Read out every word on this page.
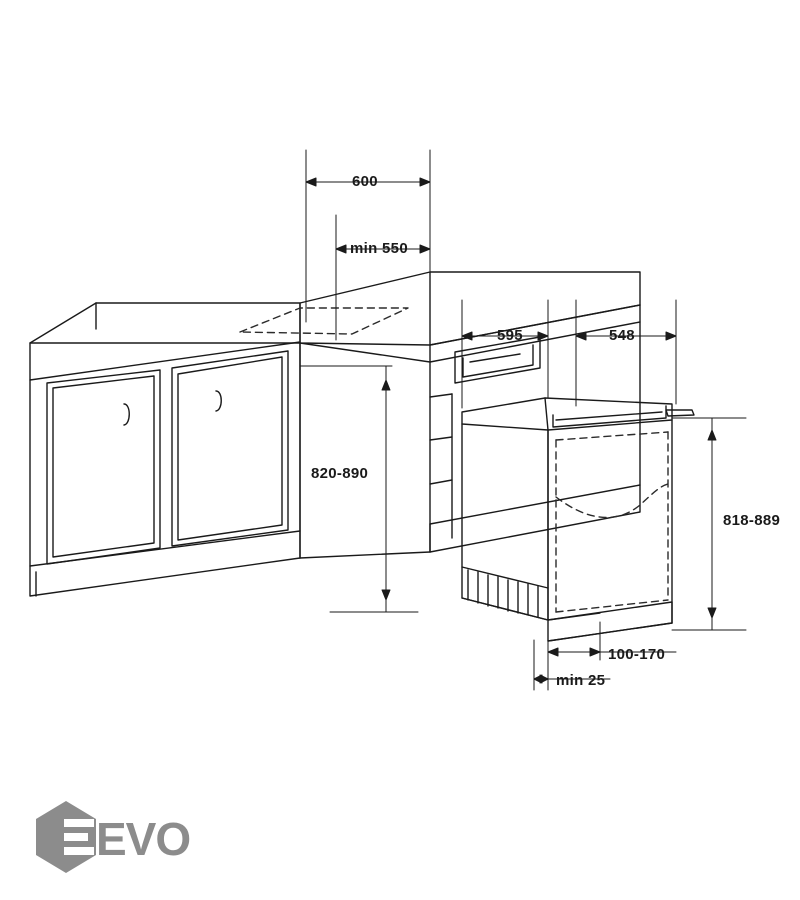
600
min 550
595	548
820-890
818-889
100-170
min 25
EVO
